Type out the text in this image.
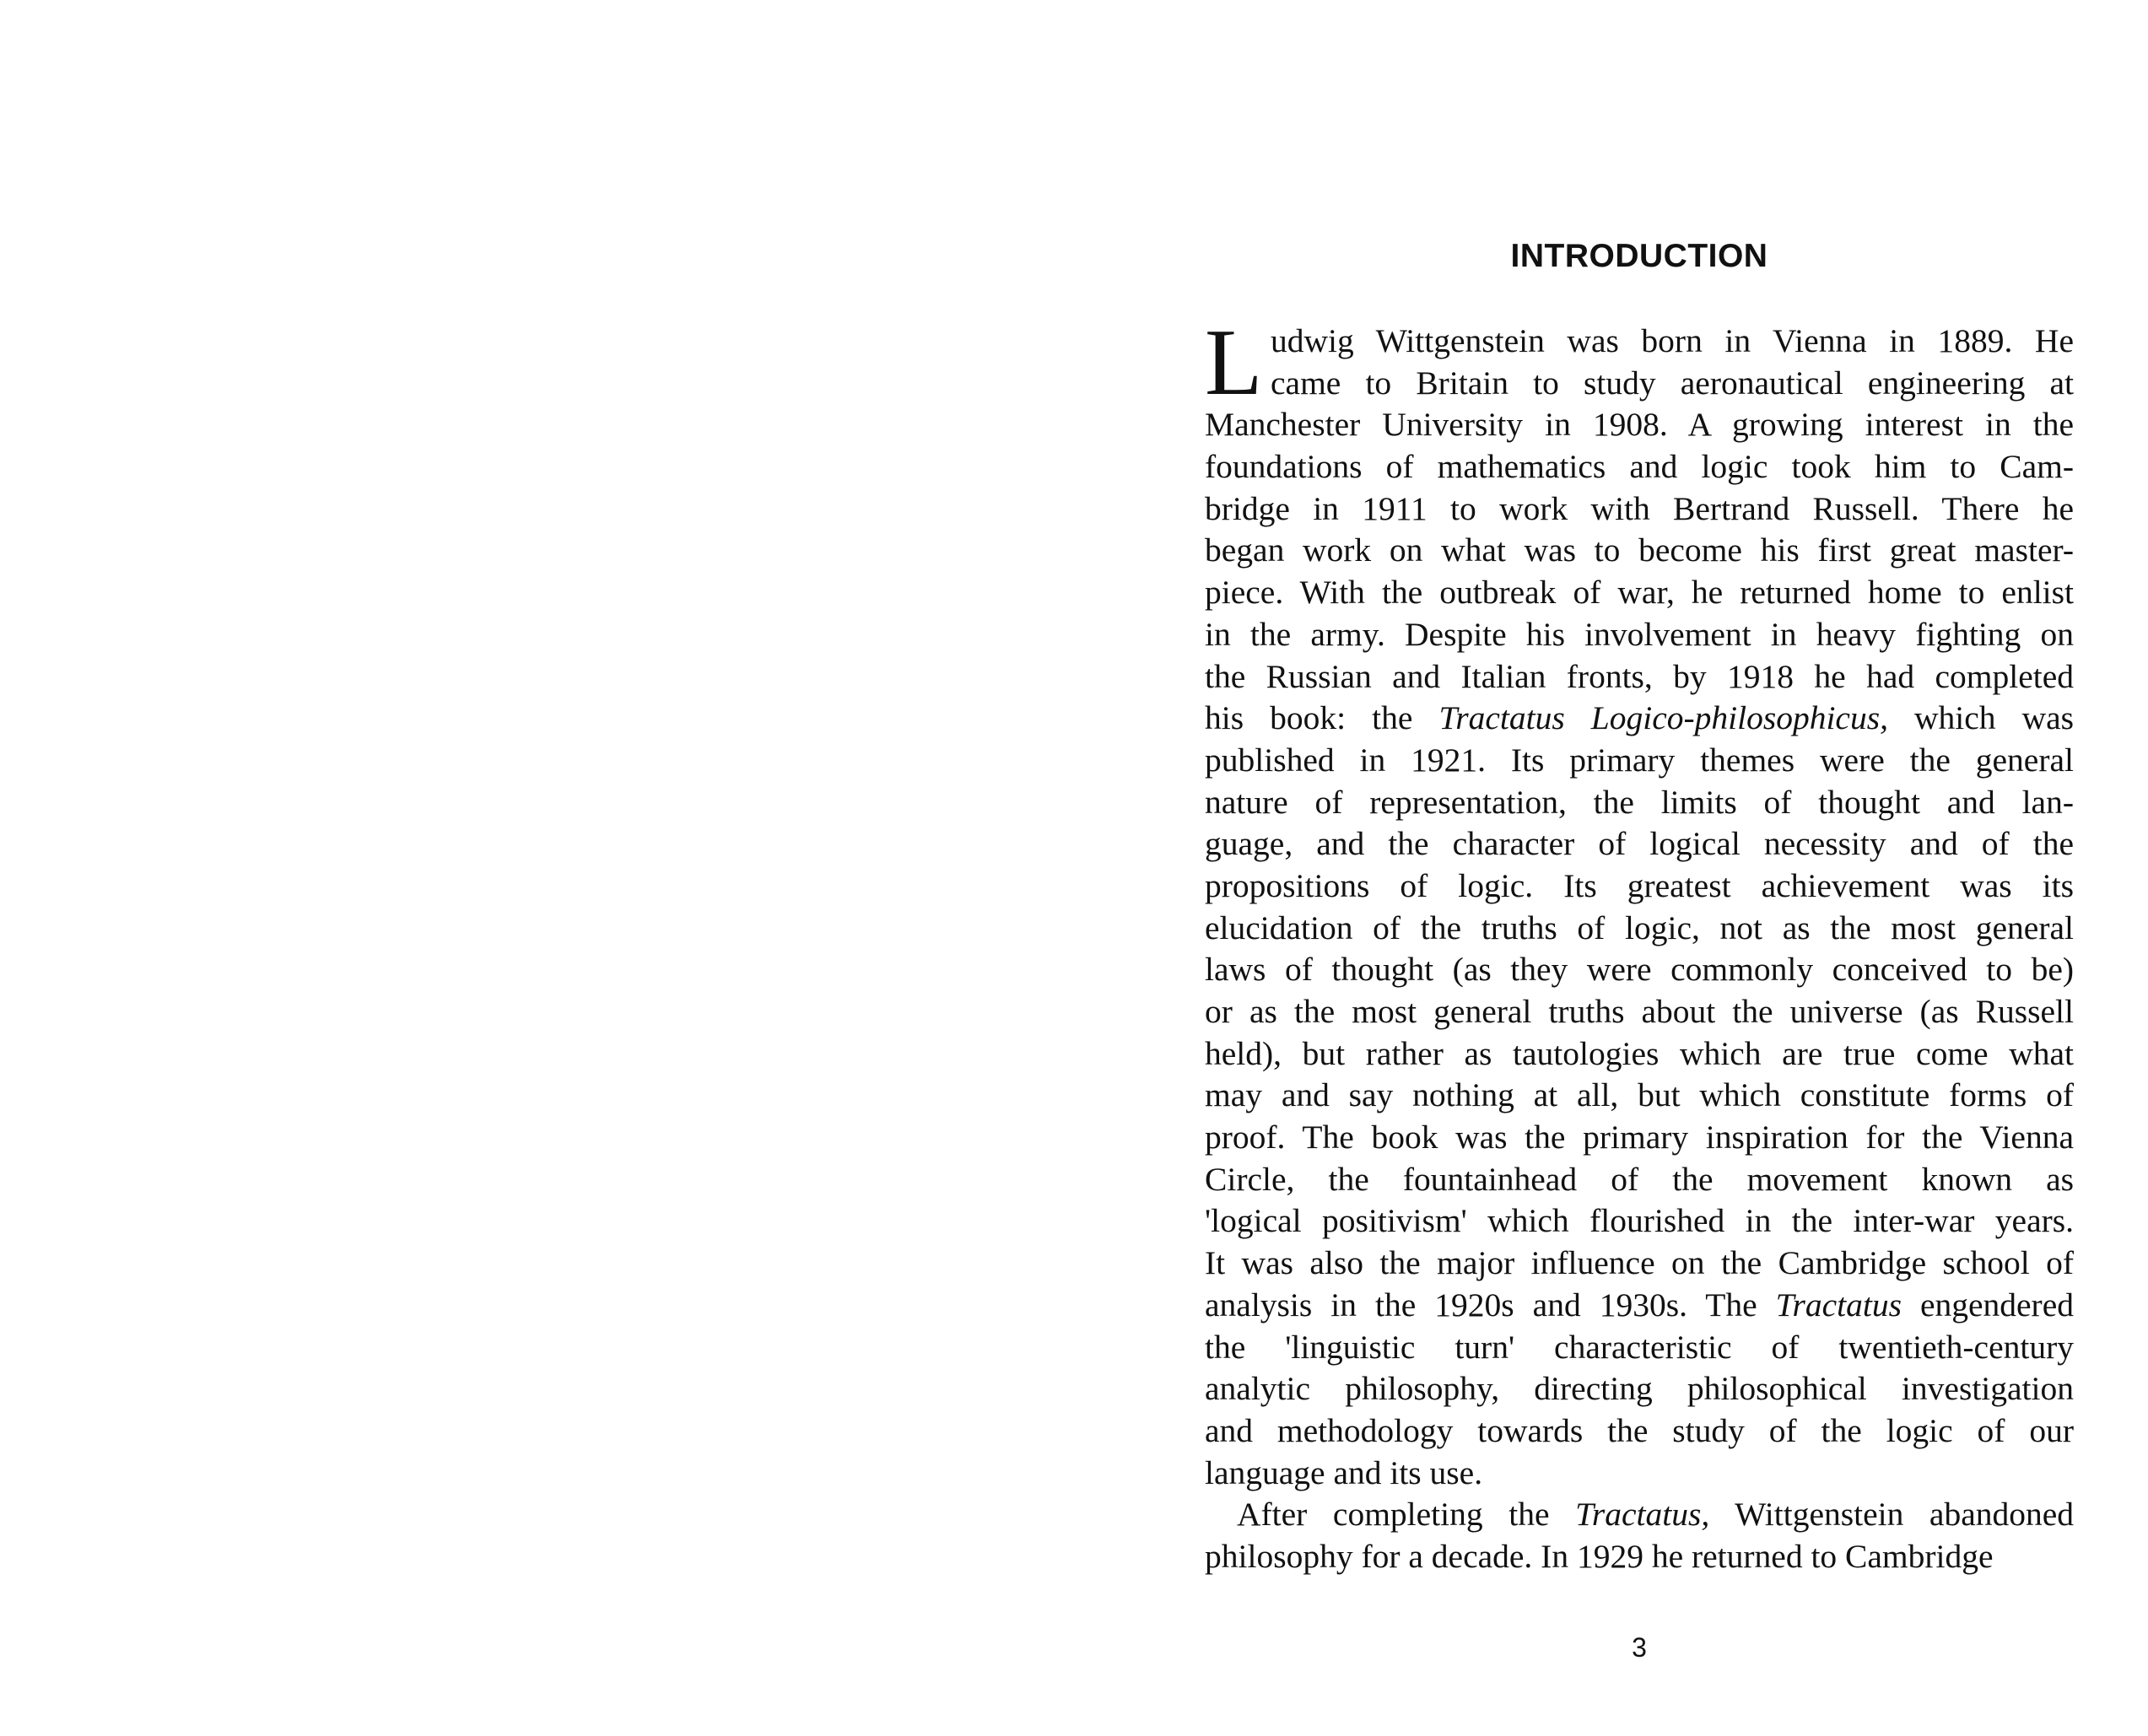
INTRODUCTION
L udwig Wittgenstein was born in Vienna in 1889. He
came to Britain to study aeronautical engineering at
Manchester University in 1908. A growing interest in the
foundations of mathematics and logic took him to Cam-
bridge in 1911 to work with Bertrand Russell. There he
began work on what was to become his first great master-
piece. With the outbreak of war, he returned home to enlist
in the army. Despite his involvement in heavy fighting on
the Russian and Italian fronts, by 1918 he had completed
his book: the Tractatus Logico-philosophicus, which was
published in 1921. Its primary themes were the general
nature of representation, the limits of thought and lan-
guage, and the character of logical necessity and of the
propositions of logic. Its greatest achievement was its
elucidation of the truths of logic, not as the most general
laws of thought (as they were commonly conceived to be)
or as the most general truths about the universe (as Russell
held), but rather as tautologies which are true come what
may and say nothing at all, but which constitute forms of
proof. The book was the primary inspiration for the Vienna
Circle, the fountainhead of the movement known as
'logical positivism' which flourished in the inter-war years.
It was also the major influence on the Cambridge school of
analysis in the 1920s and 1930s. The Tractatus engendered
the 'linguistic turn' characteristic of twentieth-century
analytic philosophy, directing philosophical investigation
and methodology towards the study of the logic of our
language and its use.
After completing the Tractatus, Wittgenstein abandoned
philosophy for a decade. In 1929 he returned to Cambridge

3
